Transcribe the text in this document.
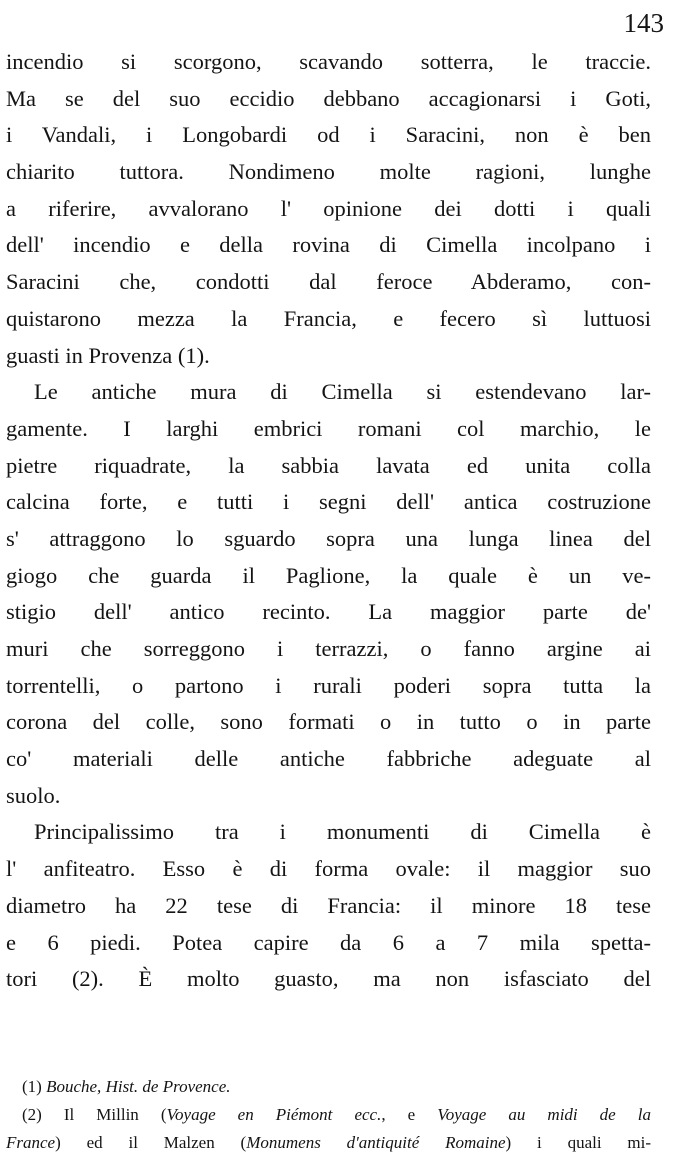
143
incendio si scorgono, scavando sotterra, le traccie.
Ma se del suo eccidio debbano accagionarsi i Goti,
i Vandali, i Longobardi od i Saracini, non è ben
chiarito tuttora. Nondimeno molte ragioni, lunghe
a riferire, avvalorano l' opinione dei dotti i quali
dell' incendio e della rovina di Cimella incolpano i
Saracini che, condotti dal feroce Abderamo, con-
quistarono mezza la Francia, e fecero sì luttuosi
guasti in Provenza (1).
Le antiche mura di Cimella si estendevano lar-
gamente. I larghi embrici romani col marchio, le
pietre riquadrate, la sabbia lavata ed unita colla
calcina forte, e tutti i segni dell' antica costruzione
s' attraggono lo sguardo sopra una lunga linea del
giogo che guarda il Paglione, la quale è un ve-
stigio dell' antico recinto. La maggior parte de'
muri che sorreggono i terrazzi, o fanno argine ai
torrentelli, o partono i rurali poderi sopra tutta la
corona del colle, sono formati o in tutto o in parte
co' materiali delle antiche fabbriche adeguate al
suolo.
Principalissimo tra i monumenti di Cimella è
l' anfiteatro. Esso è di forma ovale: il maggior suo
diametro ha 22 tese di Francia: il minore 18 tese
e 6 piedi. Potea capire da 6 a 7 mila spetta-
tori (2). È molto guasto, ma non isfasciato del
(1) Bouche, Hist. de Provence.
(2) Il Millin (Voyage en Piémont ecc., e Voyage au midi de la
France) ed il Malzen (Monumens d'antiquité Romaine) i quali mi-
